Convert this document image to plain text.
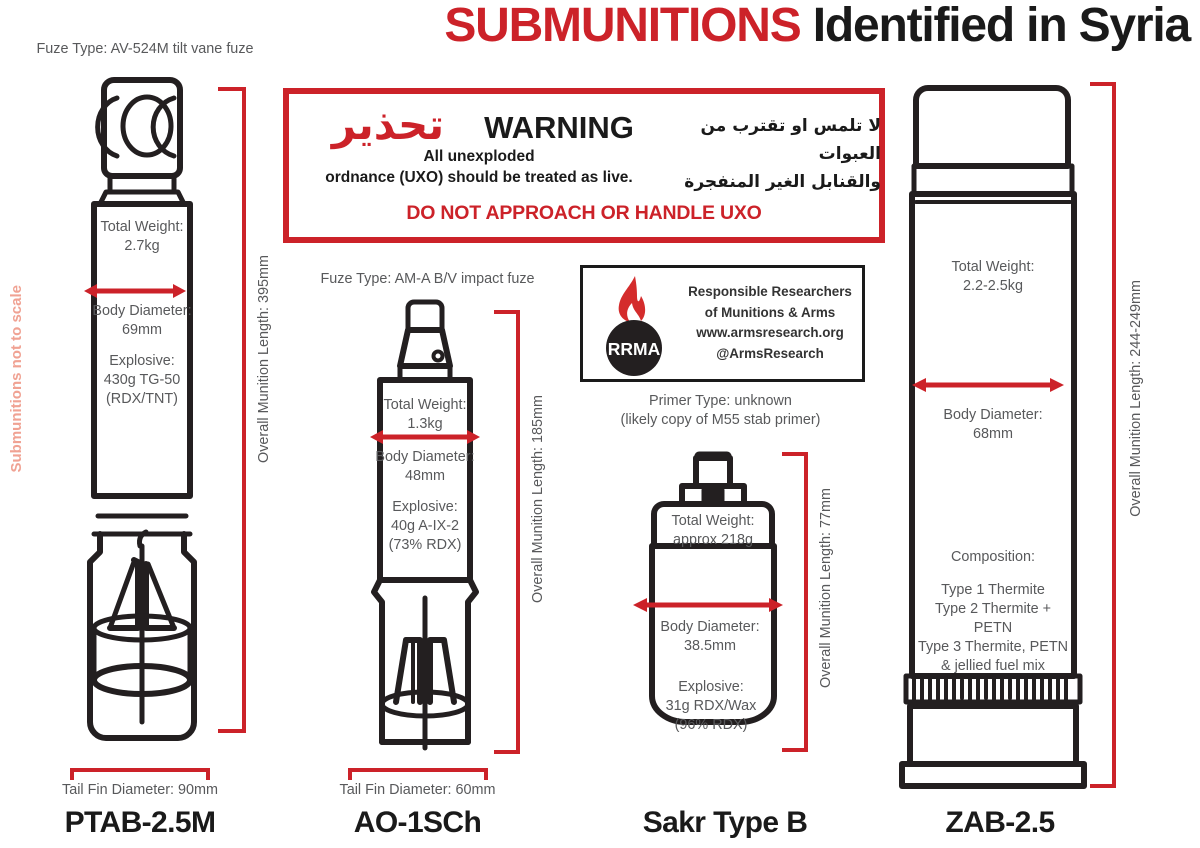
SUBMUNITIONS Identified in Syria
Submunitions not to scale
تحذير	WARNING
All unexploded
ordnance (UXO) should be treated as live.
لا تلمس او تقترب من العبوات
والقنابل الغير المنفجرة
DO NOT APPROACH OR HANDLE UXO
RRMA
Responsible Researchers
of Munitions & Arms
www.armsresearch.org
@ArmsResearch
Fuze Type: AV-524M tilt vane fuze
Total Weight:
2.7kg
Body Diameter:
69mm
Explosive:
430g TG-50
(RDX/TNT)	Overall Munition Length: 395mm
Tail Fin Diameter: 90mm
PTAB-2.5M
Fuze Type: AM-A B/V impact fuze
Total Weight:
1.3kg
Body Diameter:
48mm
Explosive:
40g A-IX-2
(73% RDX)	Overall Munition Length: 185mm
Tail Fin Diameter: 60mm
AO-1SCh
Primer Type: unknown
(likely copy of M55 stab primer)
Total Weight:
approx 218g
Body Diameter:
38.5mm
Explosive:
31g RDX/Wax
(96% RDX)
Overall Munition Length: 77mm
Sakr Type B
Total Weight:
2.2-2.5kg
Body Diameter:
68mm
Composition:
Type 1 Thermite
Type 2 Thermite +
PETN
Type 3 Thermite, PETN
& jellied fuel mix
Overall Munition Length: 244-249mm
ZAB-2.5
